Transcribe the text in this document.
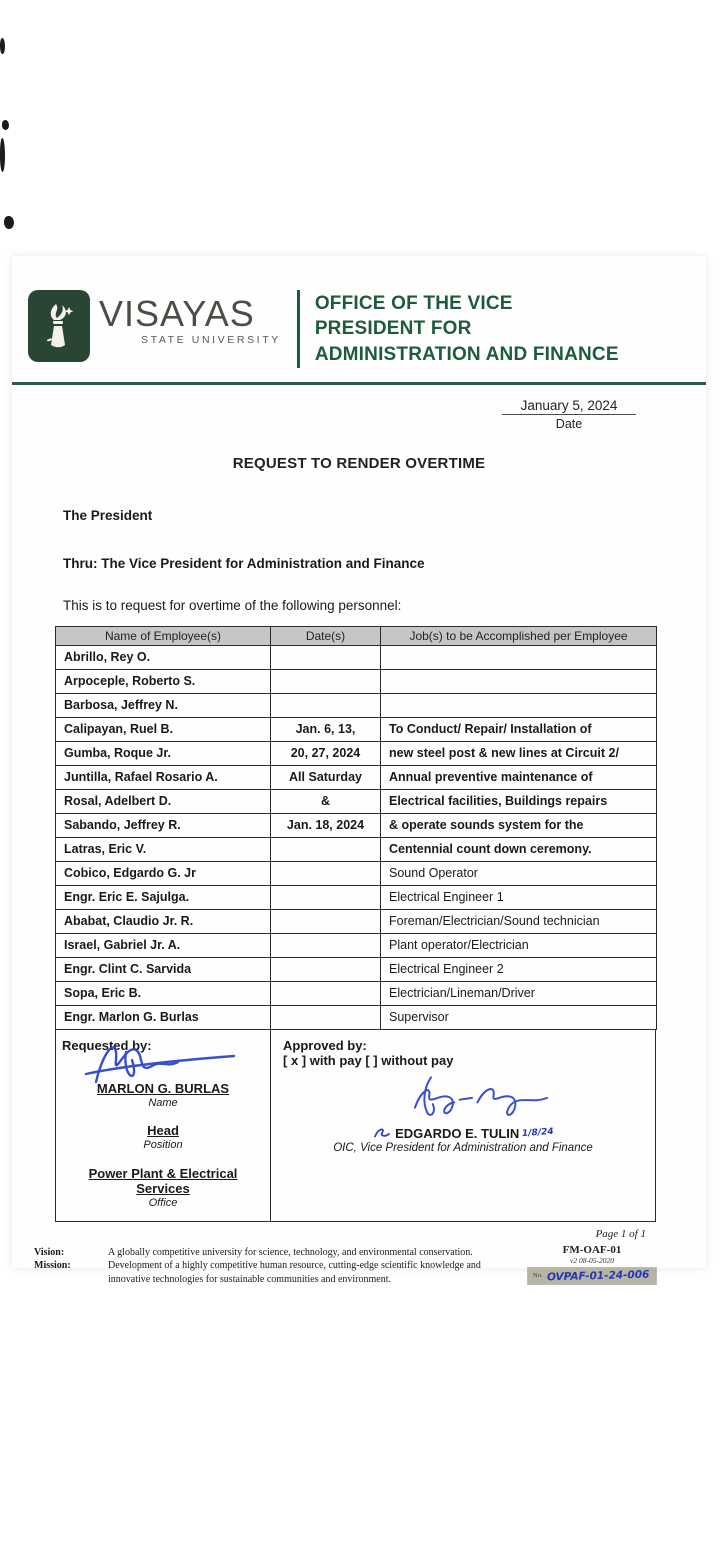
VISAYAS
STATE UNIVERSITY
OFFICE OF THE VICE PRESIDENT FOR ADMINISTRATION AND FINANCE
January 5, 2024
Date
REQUEST TO RENDER OVERTIME
The President
Thru: The Vice President for Administration and Finance
This is to request for overtime of the following personnel:
Name of Employee(s)	Date(s)	Job(s) to be Accomplished per Employee
Abrillo, Rey O.		
Arpoceple, Roberto S.		
Barbosa, Jeffrey N.		
Calipayan, Ruel B.	Jan. 6, 13,	To Conduct/ Repair/ Installation of
Gumba, Roque Jr.	20, 27, 2024	new steel post & new lines at Circuit 2/
Juntilla, Rafael Rosario A.	All Saturday	Annual preventive maintenance of
Rosal, Adelbert D.	&	Electrical facilities, Buildings repairs
Sabando, Jeffrey R.	Jan. 18, 2024	& operate sounds system for the
Latras, Eric V.		Centennial count down ceremony.
Cobico, Edgardo G. Jr		Sound Operator
Engr. Eric E. Sajulga.		Electrical Engineer 1
Ababat, Claudio Jr. R.		Foreman/Electrician/Sound technician
Israel, Gabriel Jr. A.		Plant operator/Electrician
Engr. Clint C. Sarvida		Electrical Engineer 2
Sopa, Eric B.		Electrician/Lineman/Driver
Engr. Marlon G. Burlas		Supervisor
Requested by:
MARLON G. BURLAS
Name
Head
Position
Power Plant & Electrical Services
Office
Approved by:
[ x ] with pay [ ] without pay
EDGARDO E. TULIN 1/8/24
OIC, Vice President for Administration and Finance
Page 1 of 1
Vision:
Mission:

A globally competitive university for science, technology, and environmental conservation.

Development of a highly competitive human resource, cutting-edge scientific knowledge and innovative technologies for sustainable communities and environment.

FM-OAF-01
v2 08-05-2020
No. OVPAF-01-24-006
